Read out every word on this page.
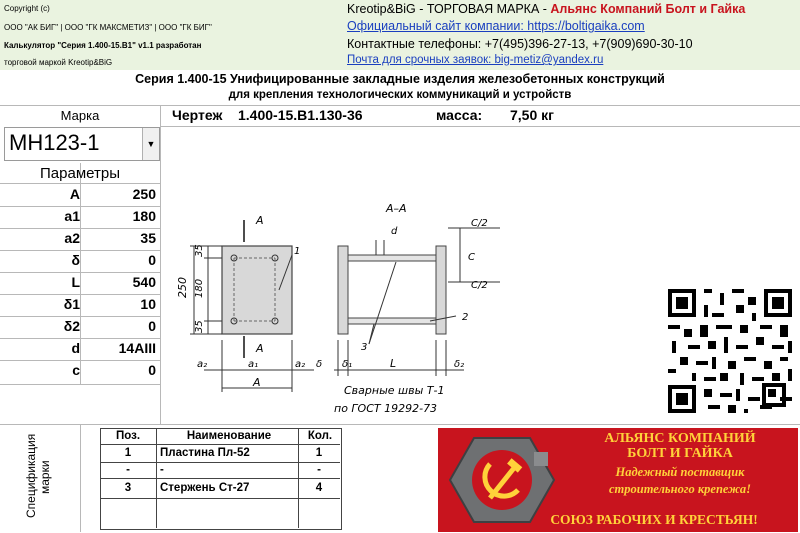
Copyright (c)
ООО "АК БИГ" | ООО "ГК МАКСМЕТИЗ" | ООО "ГК БИГ"
Калькулятор "Серия 1.400-15.В1" v1.1 разработан
торговой маркой Kreotip&BiG
Kreotip&BiG - ТОРГОВАЯ МАРКА - Альянс Компаний Болт и Гайка
Официальный сайт компании: https://boltigaika.com
Контактные телефоны: +7(495)396-27-13, +7(909)690-30-10
Почта для срочных заявок: big-metiz@yandex.ru
Серия 1.400-15 Унифицированные закладные изделия железобетонных конструкций
для крепления технологических коммуникаций и устройств
Марка
МН123-1	▼
Чертеж 1.400-15.В1.130-36	масса: 7,50 кг
Параметры
A	250
a1	180
a2	35
δ	0
L	540
δ1	10
δ2	0
d	14АIII
c	0
А
А
250
35
180
35
1
а₂	а₁	а₂
А
А–А
d
С/2
С
С/2
2
3
δ δ₁	L	δ₂
Сварные швы Т-1
по ГОСТ 19292-73
Спецификация марки
Поз.	Наименование	Кол.
1	Пластина Пл-52	1
-	-	-
3	Стержень Ст-27	4
АЛЬЯНС КОМПАНИЙ
БОЛТ И ГАЙКА
Надежный поставщик
строительного крепежа!
СОЮЗ РАБОЧИХ И КРЕСТЬЯН!
